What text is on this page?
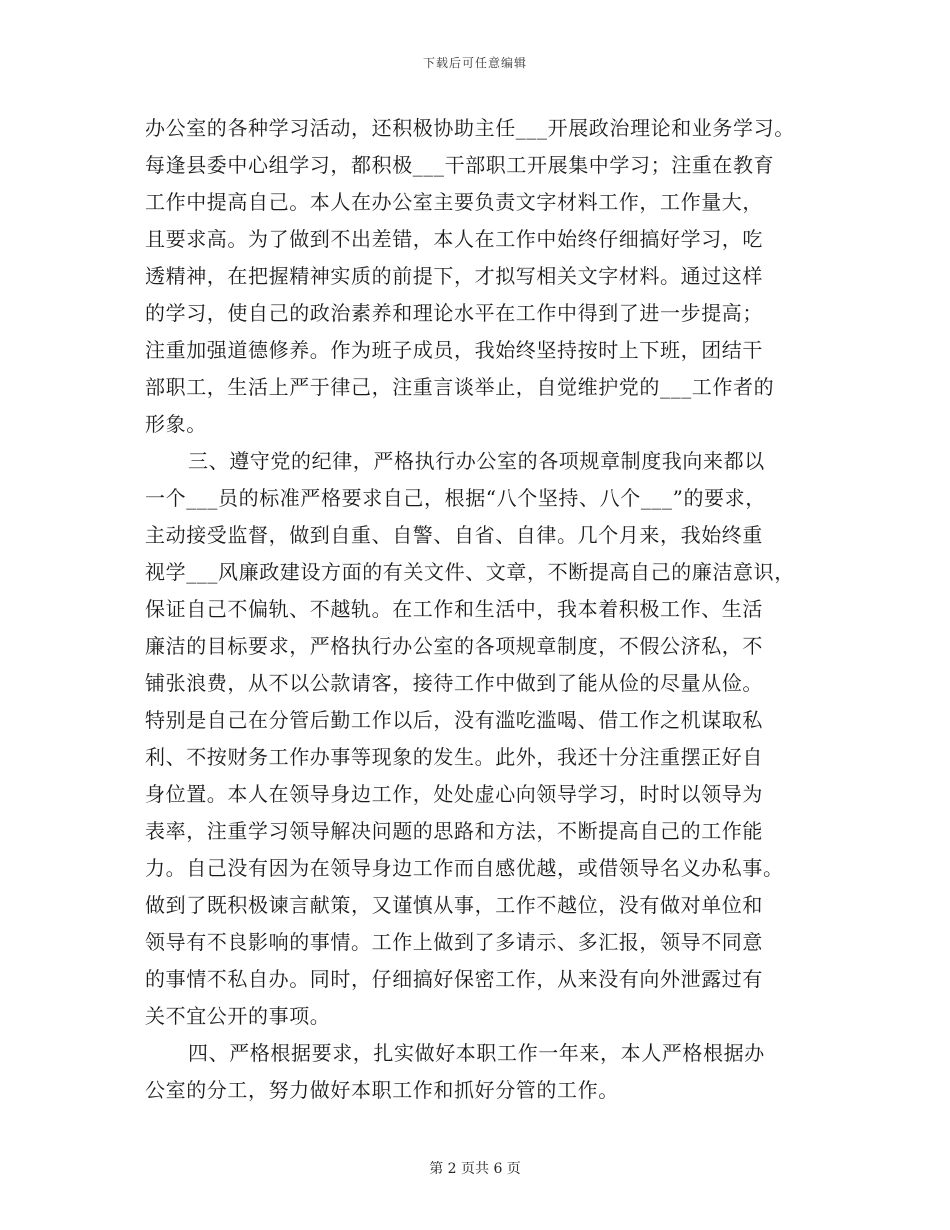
下载后可任意编辑
办公室的各种学习活动，还积极协助主任___开展政治理论和业务学习。
每逢县委中心组学习，都积极___干部职工开展集中学习；注重在教育
工作中提高自己。本人在办公室主要负责文字材料工作，工作量大，
且要求高。为了做到不出差错，本人在工作中始终仔细搞好学习，吃
透精神，在把握精神实质的前提下，才拟写相关文字材料。通过这样
的学习，使自己的政治素养和理论水平在工作中得到了进一步提高；
注重加强道德修养。作为班子成员，我始终坚持按时上下班，团结干
部职工，生活上严于律己，注重言谈举止，自觉维护党的___工作者的
形象。
三、遵守党的纪律，严格执行办公室的各项规章制度我向来都以
一个___员的标准严格要求自己，根据“八个坚持、八个___”的要求，
主动接受监督，做到自重、自警、自省、自律。几个月来，我始终重
视学___风廉政建设方面的有关文件、文章，不断提高自己的廉洁意识，
保证自己不偏轨、不越轨。在工作和生活中，我本着积极工作、生活
廉洁的目标要求，严格执行办公室的各项规章制度，不假公济私，不
铺张浪费，从不以公款请客，接待工作中做到了能从俭的尽量从俭。
特别是自己在分管后勤工作以后，没有滥吃滥喝、借工作之机谋取私
利、不按财务工作办事等现象的发生。此外，我还十分注重摆正好自
身位置。本人在领导身边工作，处处虚心向领导学习，时时以领导为
表率，注重学习领导解决问题的思路和方法，不断提高自己的工作能
力。自己没有因为在领导身边工作而自感优越，或借领导名义办私事。
做到了既积极谏言献策，又谨慎从事，工作不越位，没有做对单位和
领导有不良影响的事情。工作上做到了多请示、多汇报，领导不同意
的事情不私自办。同时，仔细搞好保密工作，从来没有向外泄露过有
关不宜公开的事项。
四、严格根据要求，扎实做好本职工作一年来，本人严格根据办
公室的分工，努力做好本职工作和抓好分管的工作。
第 2 页共 6 页
